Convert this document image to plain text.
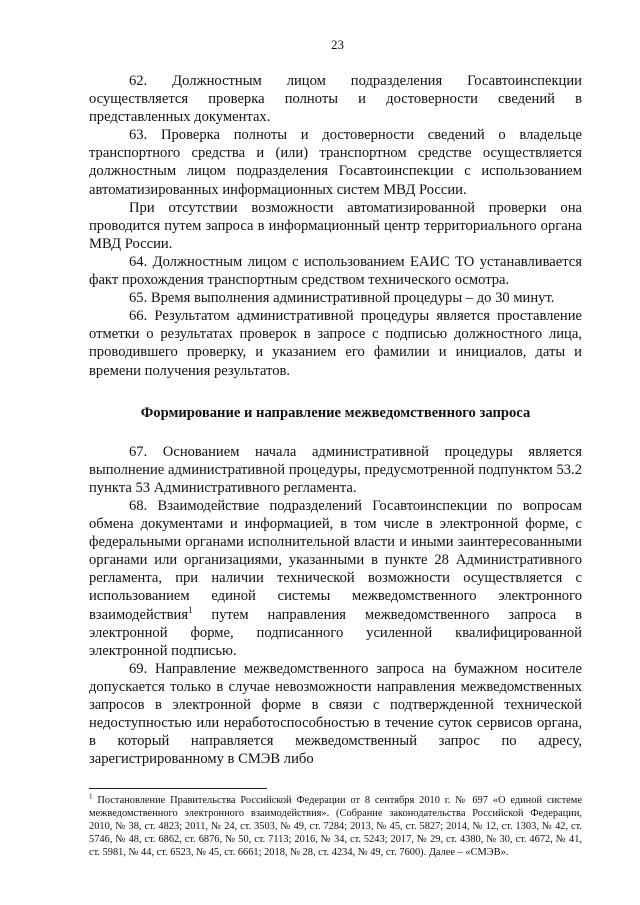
23

62. Должностным лицом подразделения Госавтоинспекции осуществляется проверка полноты и достоверности сведений в представленных документах.

63. Проверка полноты и достоверности сведений о владельце транспортного средства и (или) транспортном средстве осуществляется должностным лицом подразделения Госавтоинспекции с использованием автоматизированных информационных систем МВД России.

При отсутствии возможности автоматизированной проверки она проводится путем запроса в информационный центр территориального органа МВД России.

64. Должностным лицом с использованием ЕАИС ТО устанавливается факт прохождения транспортным средством технического осмотра.

65. Время выполнения административной процедуры – до 30 минут.

66. Результатом административной процедуры является проставление отметки о результатах проверок в запросе с подписью должностного лица, проводившего проверку, и указанием его фамилии и инициалов, даты и времени получения результатов.

Формирование и направление межведомственного запроса

67. Основанием начала административной процедуры является выполнение административной процедуры, предусмотренной подпунктом 53.2 пункта 53 Административного регламента.

68. Взаимодействие подразделений Госавтоинспекции по вопросам обмена документами и информацией, в том числе в электронной форме, с федеральными органами исполнительной власти и иными заинтересованными органами или организациями, указанными в пункте 28 Административного регламента, при наличии технической возможности осуществляется с использованием единой системы межведомственного электронного взаимодействия$^1$ путем направления межведомственного запроса в электронной форме, подписанного усиленной квалифицированной электронной подписью.

69. Направление межведомственного запроса на бумажном носителе допускается только в случае невозможности направления межведомственных запросов в электронной форме в связи с подтвержденной технической недоступностью или неработоспособностью в течение суток сервисов органа, в который направляется межведомственный запрос по адресу, зарегистрированному в СМЭВ либо

$^1$ Постановление Правительства Российской Федерации от 8 сентября 2010 г. № 697 «О единой системе межведомственного электронного взаимодействия». (Собрание законодательства Российской Федерации, 2010, № 38, ст. 4823; 2011, № 24, ст. 3503, № 49, ст. 7284; 2013, № 45, ст. 5827; 2014, № 12, ст. 1303, № 42, ст. 5746, № 48, ст. 6862, ст. 6876, № 50, ст. 7113; 2016, № 34, ст. 5243; 2017, № 29, ст. 4380, № 30, ст. 4672, № 41, ст. 5981, № 44, ст. 6523, № 45, ст. 6661; 2018, № 28, ст. 4234, № 49, ст. 7600). Далее – «СМЭВ».
